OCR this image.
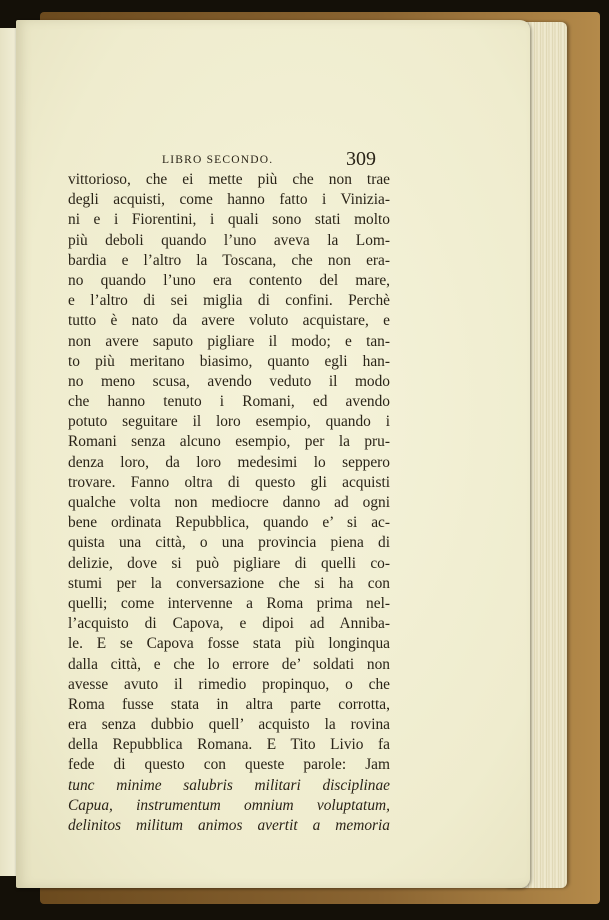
LIBRO SECONDO.	309
vittorioso, che ei mette più che non trae
degli acquisti, come hanno fatto i Viniziа-
ni e i Fiorentini, i quali sono stati molto
più deboli quando l’uno aveva la Lom-
bardia e l’altro la Toscana, che non era-
no quando l’uno era contento del mare,
e l’altro di sei miglia di confini. Perchè
tutto è nato da avere voluto acquistare, e
non avere saputo pigliare il modo; e tan-
to più meritano biasimo, quanto egli han-
no meno scusa, avendo veduto il modo
che hanno tenuto i Romani, ed avendo
potuto seguitare il loro esempio, quando i
Romani senza alcuno esempio, per la pru-
denza loro, da loro medesimi lo seppero
trovare. Fanno oltra di questo gli acquisti
qualche volta non mediocre danno ad ogni
bene ordinata Repubblica, quando e’ si ac-
quista una città, o una provincia piena di
delizie, dove si può pigliare di quelli co-
stumi per la conversazione che si ha con
quelli; come intervenne a Roma prima nel-
l’acquisto di Capova, e dipoi ad Anniba-
le. E se Capova fosse stata più longinqua
dalla città, e che lo errore de’ soldati non
avesse avuto il rimedio propinquo, o che
Roma fusse stata in altra parte corrotta,
era senza dubbio quell’ acquisto la rovina
della Repubblica Romana. E Tito Livio fa
fede di questo con queste parole: Jam
tunc minime salubris militari disciplinae
Capua, instrumentum omnium voluptatum,
delinitos militum animos avertit a memoria
